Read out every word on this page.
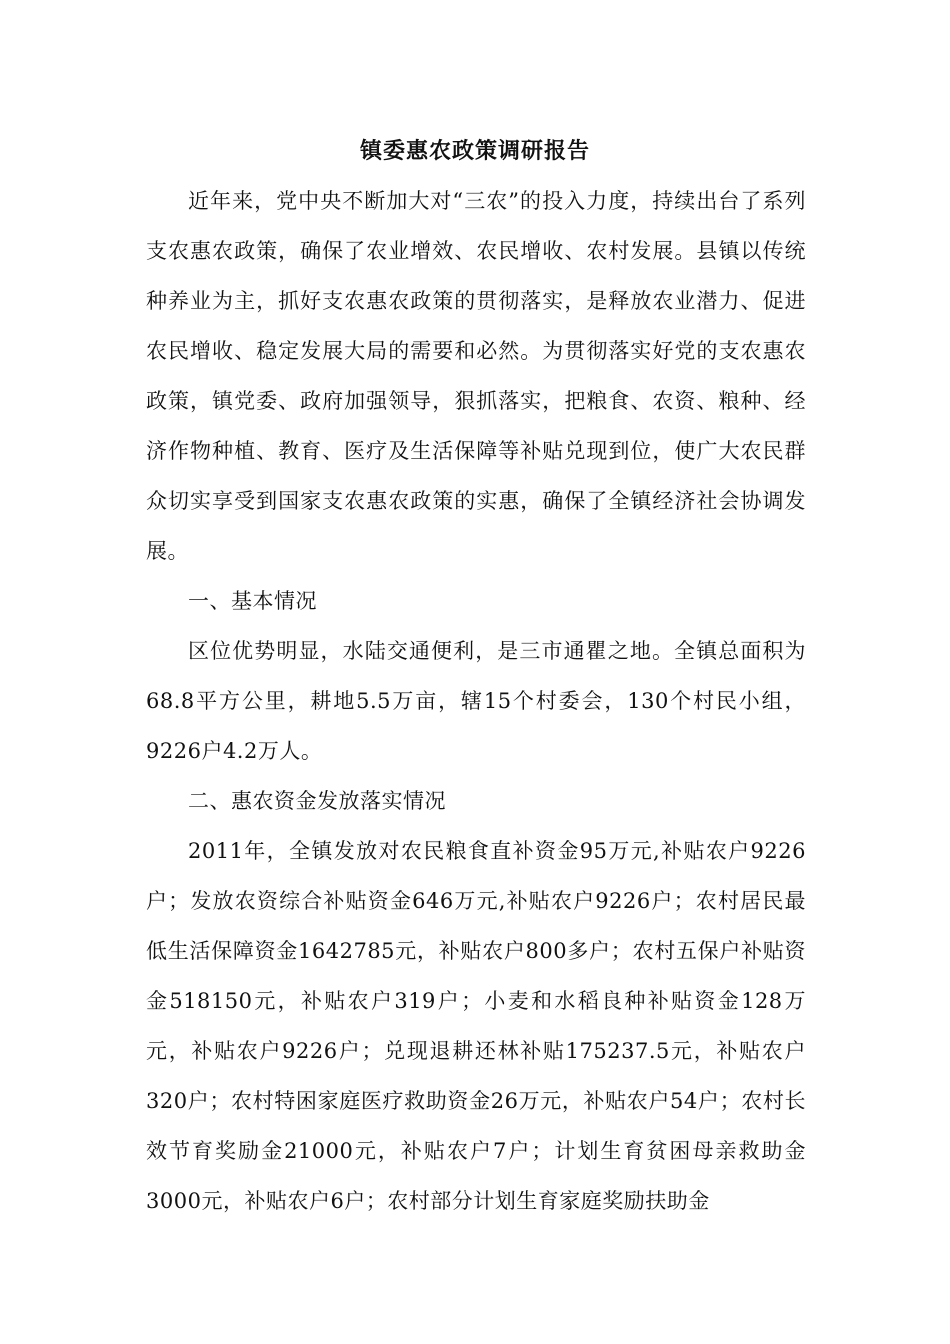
镇委惠农政策调研报告

近年来，党中央不断加大对“三农”的投入力度，持续出台了系列支农惠农政策，确保了农业增效、农民增收、农村发展。县镇以传统种养业为主，抓好支农惠农政策的贯彻落实，是释放农业潜力、促进农民增收、稳定发展大局的需要和必然。为贯彻落实好党的支农惠农政策，镇党委、政府加强领导，狠抓落实，把粮食、农资、粮种、经济作物种植、教育、医疗及生活保障等补贴兑现到位，使广大农民群众切实享受到国家支农惠农政策的实惠，确保了全镇经济社会协调发展。

一、基本情况

区位优势明显，水陆交通便利，是三市通瞿之地。全镇总面积为68.8平方公里，耕地5.5万亩，辖15个村委会，130个村民小组，9226户4.2万人。

二、惠农资金发放落实情况

2011年，全镇发放对农民粮食直补资金95万元,补贴农户9226户；发放农资综合补贴资金646万元,补贴农户9226户；农村居民最低生活保障资金1642785元，补贴农户800多户；农村五保户补贴资金518150元，补贴农户319户；小麦和水稻良种补贴资金128万元，补贴农户9226户；兑现退耕还林补贴175237.5元，补贴农户320户；农村特困家庭医疗救助资金26万元，补贴农户54户；农村长效节育奖励金21000元，补贴农户7户；计划生育贫困母亲救助金3000元，补贴农户6户；农村部分计划生育家庭奖励扶助金
